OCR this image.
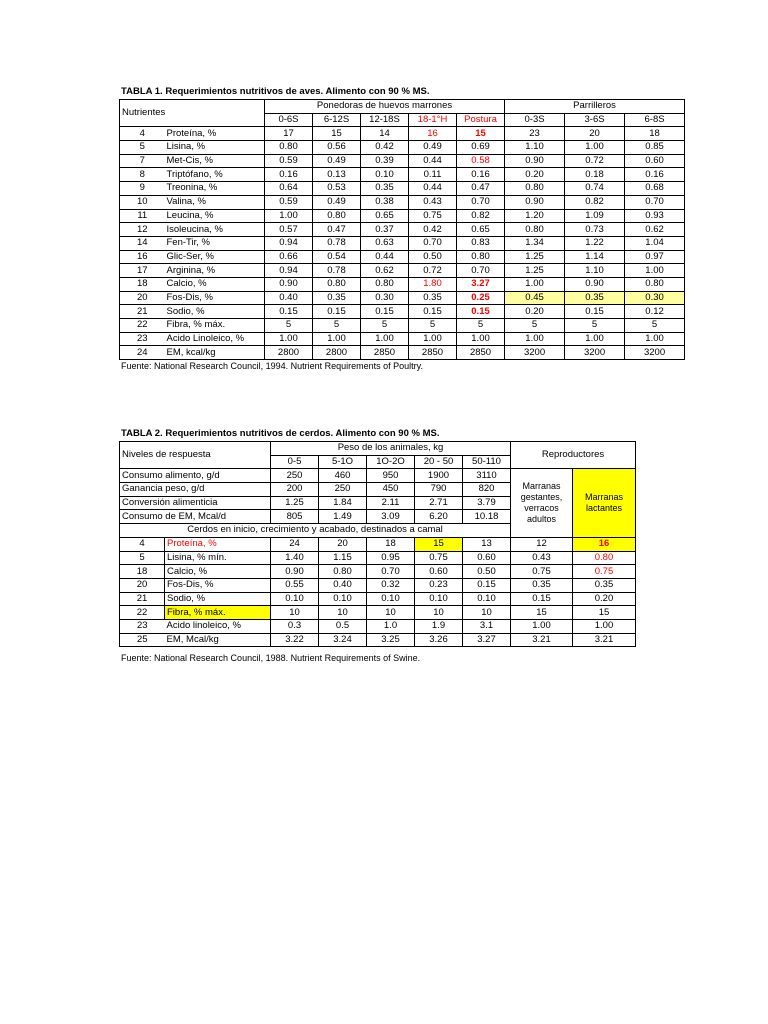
TABLA 1. Requerimientos nutritivos de aves. Alimento con 90 % MS.
Nutrientes		Ponedoras de huevos marrones					Parrilleros		
		0-6S	6-12S	12-18S	18-1°H	Postura	0-3S	3-6S	6-8S
4	Proteína, %	17	15	14	16	15	23	20	18
5	Lisina, %	0.80	0.56	0.42	0.49	0.69	1.10	1.00	0.85
7	Met-Cis, %	0.59	0.49	0.39	0.44	0.58	0.90	0.72	0.60
8	Triptófano, %	0.16	0.13	0.10	0.11	0.16	0.20	0.18	0.16
9	Treonina, %	0.64	0.53	0.35	0.44	0.47	0.80	0.74	0.68
10	Valina, %	0.59	0.49	0.38	0.43	0.70	0.90	0.82	0.70
11	Leucina, %	1.00	0.80	0.65	0.75	0.82	1.20	1.09	0.93
12	Isoleucina, %	0.57	0.47	0.37	0.42	0.65	0.80	0.73	0.62
14	Fen-Tir, %	0.94	0.78	0.63	0.70	0.83	1.34	1.22	1.04
16	Glic-Ser, %	0.66	0.54	0.44	0.50	0.80	1.25	1.14	0.97
17	Arginina, %	0.94	0.78	0.62	0.72	0.70	1.25	1.10	1.00
18	Calcio, %	0.90	0.80	0.80	1.80	3.27	1.00	0.90	0.80
20	Fos-Dis, %	0.40	0.35	0.30	0.35	0.25	0.45	0.35	0.30
21	Sodio, %	0.15	0.15	0.15	0.15	0.15	0.20	0.15	0.12
22	Fibra, % máx.	5	5	5	5	5	5	5	5
23	Acido Linoleico, %	1.00	1.00	1.00	1.00	1.00	1.00	1.00	1.00
24	EM, kcal/kg	2800	2800	2850	2850	2850	3200	3200	3200
Fuente: National Research Council, 1994. Nutrient Requirements of Poultry.
TABLA 2. Requerimientos nutritivos de cerdos. Alimento con 90 % MS.
Niveles de respuesta		Peso de los animales, kg					Reproductores	
		0-5	5-1O	1O-2O	20 - 50	50-110		
Consumo alimento, g/d		250	460	950	1900	3110	Marranas gestantes, verracos adultos	Marranas lactantes

Ganancia peso, g/d		200	250	450	790	820		
Conversión alimenticia		1.25	1.84	2.11	2.71	3.79		
Consumo de EM, Mcal/d		805	1.49	3.09	6.20	10.18		
Cerdos en inicio, crecimiento y acabado, destinados a camal								
4	Proteína, %	24	20	18	15	13	12	16
5	Lisina, % mín.	1.40	1.15	0.95	0.75	0.60	0.43	0.80
18	Calcio, %	0.90	0.80	0.70	0.60	0.50	0.75	0.75
20	Fos-Dis, %	0.55	0.40	0.32	0.23	0.15	0.35	0.35
21	Sodio, %	0.10	0.10	0.10	0.10	0.10	0.15	0.20
22	Fibra, % máx.	10	10	10	10	10	15	15
23	Acido linoleico, %	0.3	0.5	1.0	1.9	3.1	1.00	1.00
25	EM, Mcal/kg	3.22	3.24	3.25	3.26	3.27	3.21	3.21
Fuente: National Research Council, 1988. Nutrient Requirements of Swine.
